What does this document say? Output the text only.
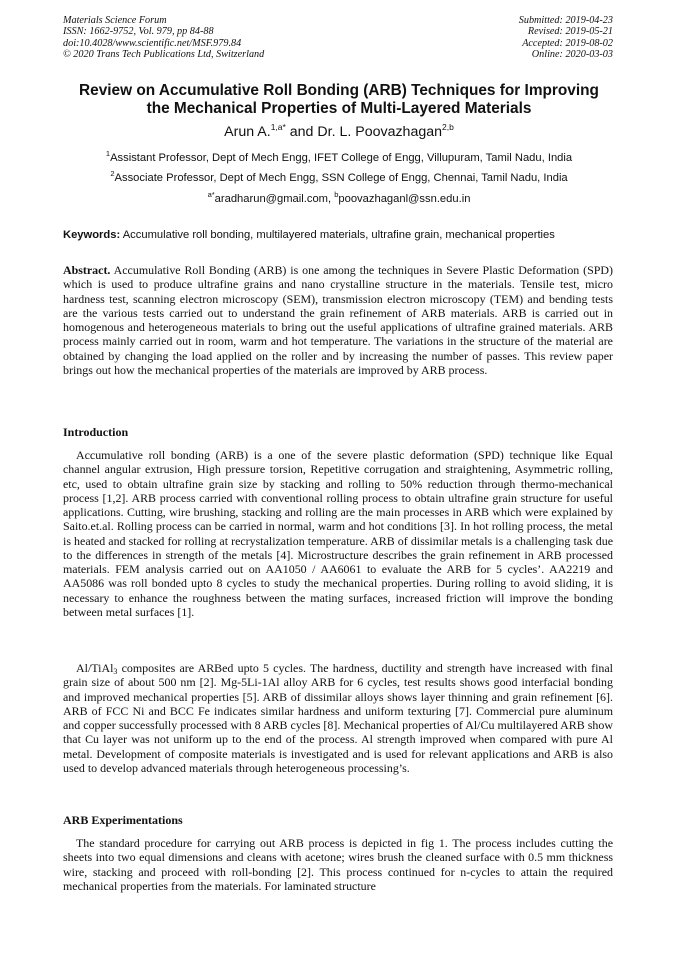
Materials Science Forum
ISSN: 1662-9752, Vol. 979, pp 84-88
doi:10.4028/www.scientific.net/MSF.979.84
© 2020 Trans Tech Publications Ltd, Switzerland
Submitted: 2019-04-23
Revised: 2019-05-21
Accepted: 2019-08-02
Online: 2020-03-03
Review on Accumulative Roll Bonding (ARB) Techniques for Improving
the Mechanical Properties of Multi-Layered Materials
Arun A.$^{1,a*}$ and Dr. L. Poovazhagan$^{2,b}$
$^1$Assistant Professor, Dept of Mech Engg, IFET College of Engg, Villupuram, Tamil Nadu, India
$^2$Associate Professor, Dept of Mech Engg, SSN College of Engg, Chennai, Tamil Nadu, India
$^{a*}$aradharun@gmail.com, $^b$poovazhaganl@ssn.edu.in
Keywords: Accumulative roll bonding, multilayered materials, ultrafine grain, mechanical properties
Abstract. Accumulative Roll Bonding (ARB) is one among the techniques in Severe Plastic Deformation (SPD) which is used to produce ultrafine grains and nano crystalline structure in the materials. Tensile test, micro hardness test, scanning electron microscopy (SEM), transmission electron microscopy (TEM) and bending tests are the various tests carried out to understand the grain refinement of ARB materials. ARB is carried out in homogenous and heterogeneous materials to bring out the useful applications of ultrafine grained materials. ARB process mainly carried out in room, warm and hot temperature. The variations in the structure of the material are obtained by changing the load applied on the roller and by increasing the number of passes. This review paper brings out how the mechanical properties of the materials are improved by ARB process.
Introduction
Accumulative roll bonding (ARB) is a one of the severe plastic deformation (SPD) technique like Equal channel angular extrusion, High pressure torsion, Repetitive corrugation and straightening, Asymmetric rolling, etc, used to obtain ultrafine grain size by stacking and rolling to 50% reduction through thermo-mechanical process [1,2]. ARB process carried with conventional rolling process to obtain ultrafine grain structure for useful applications. Cutting, wire brushing, stacking and rolling are the main processes in ARB which were explained by Saito.et.al. Rolling process can be carried in normal, warm and hot conditions [3]. In hot rolling process, the metal is heated and stacked for rolling at recrystalization temperature. ARB of dissimilar metals is a challenging task due to the differences in strength of the metals [4]. Microstructure describes the grain refinement in ARB processed materials. FEM analysis carried out on AA1050 / AA6061 to evaluate the ARB for 5 cycles’. AA2219 and AA5086 was roll bonded upto 8 cycles to study the mechanical properties. During rolling to avoid sliding, it is necessary to enhance the roughness between the mating surfaces, increased friction will improve the bonding between metal surfaces [1].
Al/TiAl$_3$ composites are ARBed upto 5 cycles. The hardness, ductility and strength have increased with final grain size of about 500 nm [2]. Mg-5Li-1Al alloy ARB for 6 cycles, test results shows good interfacial bonding and improved mechanical properties [5]. ARB of dissimilar alloys shows layer thinning and grain refinement [6]. ARB of FCC Ni and BCC Fe indicates similar hardness and uniform texturing [7]. Commercial pure aluminum and copper successfully processed with 8 ARB cycles [8]. Mechanical properties of Al/Cu multilayered ARB show that Cu layer was not uniform up to the end of the process. Al strength improved when compared with pure Al metal. Development of composite materials is investigated and is used for relevant applications and ARB is also used to develop advanced materials through heterogeneous processing’s.
ARB Experimentations
The standard procedure for carrying out ARB process is depicted in fig 1. The process includes cutting the sheets into two equal dimensions and cleans with acetone; wires brush the cleaned surface with 0.5 mm thickness wire, stacking and proceed with roll-bonding [2]. This process continued for n-cycles to attain the required mechanical properties from the materials. For laminated structure
